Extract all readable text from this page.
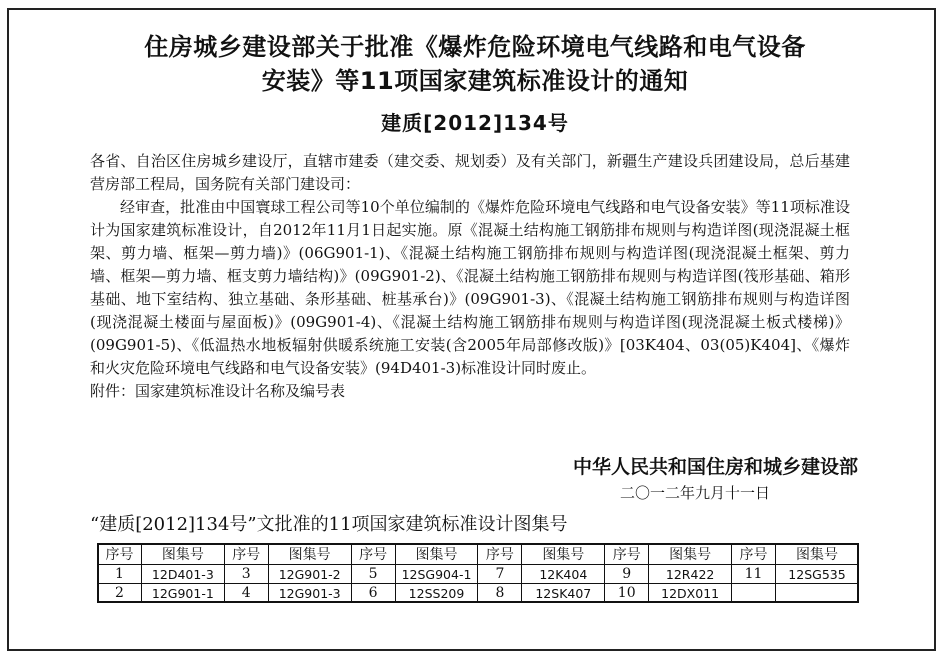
住房城乡建设部关于批准《爆炸危险环境电气线路和电气设备
安装》等11项国家建筑标准设计的通知
建质[2012]134号

各省、自治区住房城乡建设厅，直辖市建委（建交委、规划委）及有关部门，新疆生产建设兵团建设局，总后基建营房部工程局，国务院有关部门建设司：

经审查，批准由中国寰球工程公司等10个单位编制的《爆炸危险环境电气线路和电气设备安装》等11项标准设计为国家建筑标准设计，自2012年11月1日起实施。原《混凝土结构施工钢筋排布规则与构造详图(现浇混凝土框架、剪力墙、框架—剪力墙)》(06G901-1)、《混凝土结构施工钢筋排布规则与构造详图(现浇混凝土框架、剪力墙、框架—剪力墙、框支剪力墙结构)》(09G901-2)、《混凝土结构施工钢筋排布规则与构造详图(筏形基础、箱形基础、地下室结构、独立基础、条形基础、桩基承台)》(09G901-3)、《混凝土结构施工钢筋排布规则与构造详图(现浇混凝土楼面与屋面板)》(09G901-4)、《混凝土结构施工钢筋排布规则与构造详图(现浇混凝土板式楼梯)》(09G901-5)、《低温热水地板辐射供暖系统施工安装(含2005年局部修改版)》[03K404、03(05)K404]、《爆炸和火灾危险环境电气线路和电气设备安装》(94D401-3)标准设计同时废止。

附件：国家建筑标准设计名称及编号表

中华人民共和国住房和城乡建设部
二〇一二年九月十一日
“建质[2012]134号”文批准的11项国家建筑标准设计图集号
序号	图集号	序号	图集号	序号	图集号	序号	图集号	序号	图集号	序号	图集号
1	12D401-3	3	12G901-2	5	12SG904-1	7	12K404	9	12R422	11	12SG535
2	12G901-1	4	12G901-3	6	12SS209	8	12SK407	10	12DX011		
